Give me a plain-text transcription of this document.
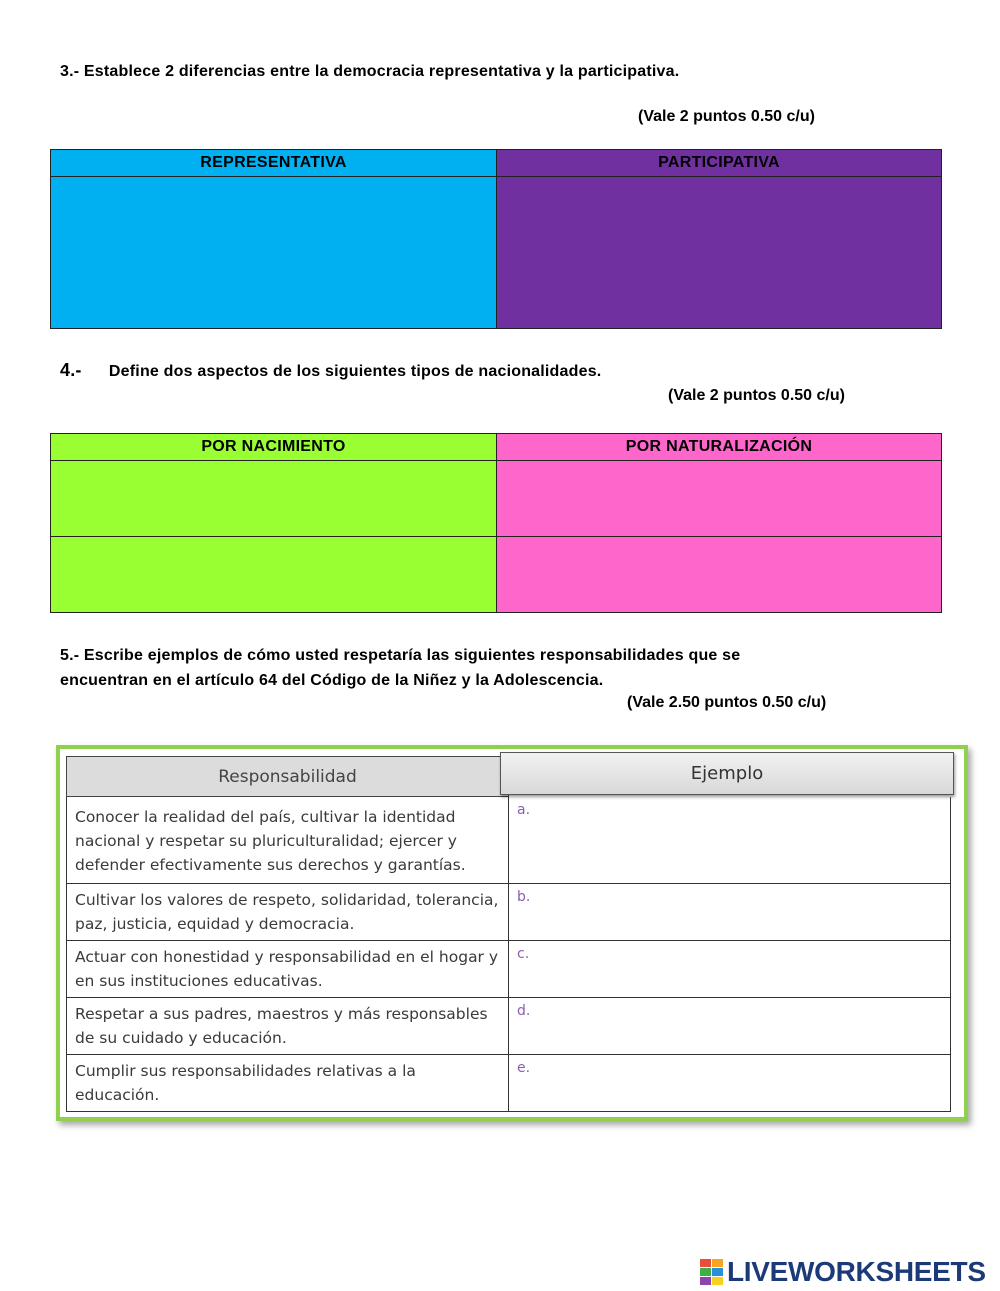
3.- Establece 2 diferencias entre la democracia representativa y la participativa.
(Vale 2 puntos 0.50 c/u)
REPRESENTATIVA	PARTICIPATIVA
4.- Define dos aspectos de los siguientes tipos de nacionalidades.
(Vale 2 puntos 0.50 c/u)
POR NACIMIENTO	POR NATURALIZACIÓN
5.- Escribe ejemplos de cómo usted respetaría las siguientes responsabilidades que se
encuentran en el artículo 64 del Código de la Niñez y la Adolescencia.
(Vale 2.50 puntos 0.50 c/u)
Responsabilidad	Ejemplo
Conocer la realidad del país, cultivar la identidad nacional y respetar su pluriculturalidad; ejercer y defender efectivamente sus derechos y garantías.
a.
Cultivar los valores de respeto, solidaridad, tolerancia, paz, justicia, equidad y democracia.
b.
Actuar con honestidad y responsabilidad en el hogar y en sus instituciones educativas.
c.
Respetar a sus padres, maestros y más responsables de su cuidado y educación.
d.
Cumplir sus responsabilidades relativas a la educación.
e.
LIVEWORKSHEETS
